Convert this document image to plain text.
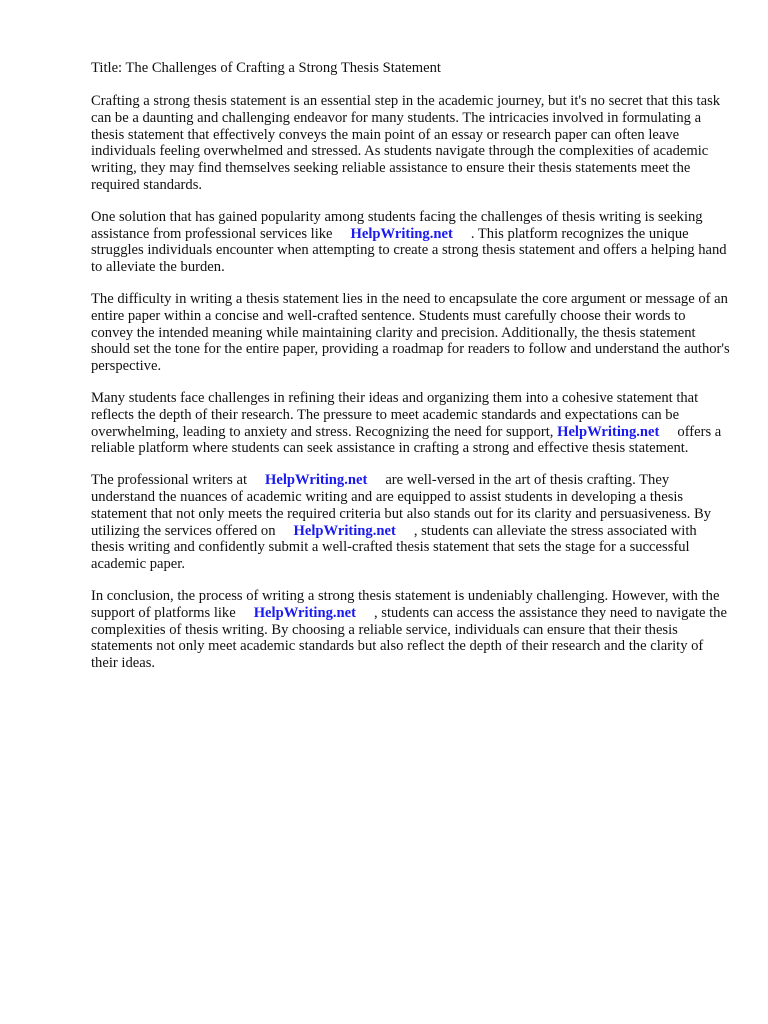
Title: The Challenges of Crafting a Strong Thesis Statement

Crafting a strong thesis statement is an essential step in the academic journey, but it's no secret that this task can be a daunting and challenging endeavor for many students. The intricacies involved in formulating a thesis statement that effectively conveys the main point of an essay or research paper can often leave individuals feeling overwhelmed and stressed. As students navigate through the complexities of academic writing, they may find themselves seeking reliable assistance to ensure their thesis statements meet the required standards.

One solution that has gained popularity among students facing the challenges of thesis writing is seeking assistance from professional services like HelpWriting.net . This platform recognizes the unique struggles individuals encounter when attempting to create a strong thesis statement and offers a helping hand to alleviate the burden.

The difficulty in writing a thesis statement lies in the need to encapsulate the core argument or message of an entire paper within a concise and well-crafted sentence. Students must carefully choose their words to convey the intended meaning while maintaining clarity and precision. Additionally, the thesis statement should set the tone for the entire paper, providing a roadmap for readers to follow and understand the author's perspective.

Many students face challenges in refining their ideas and organizing them into a cohesive statement that reflects the depth of their research. The pressure to meet academic standards and expectations can be overwhelming, leading to anxiety and stress. Recognizing the need for support, HelpWriting.net offers a reliable platform where students can seek assistance in crafting a strong and effective thesis statement.

The professional writers at HelpWriting.net are well-versed in the art of thesis crafting. They understand the nuances of academic writing and are equipped to assist students in developing a thesis statement that not only meets the required criteria but also stands out for its clarity and persuasiveness. By utilizing the services offered on HelpWriting.net , students can alleviate the stress associated with thesis writing and confidently submit a well-crafted thesis statement that sets the stage for a successful academic paper.

In conclusion, the process of writing a strong thesis statement is undeniably challenging. However, with the support of platforms like HelpWriting.net , students can access the assistance they need to navigate the complexities of thesis writing. By choosing a reliable service, individuals can ensure that their thesis statements not only meet academic standards but also reflect the depth of their research and the clarity of their ideas.
